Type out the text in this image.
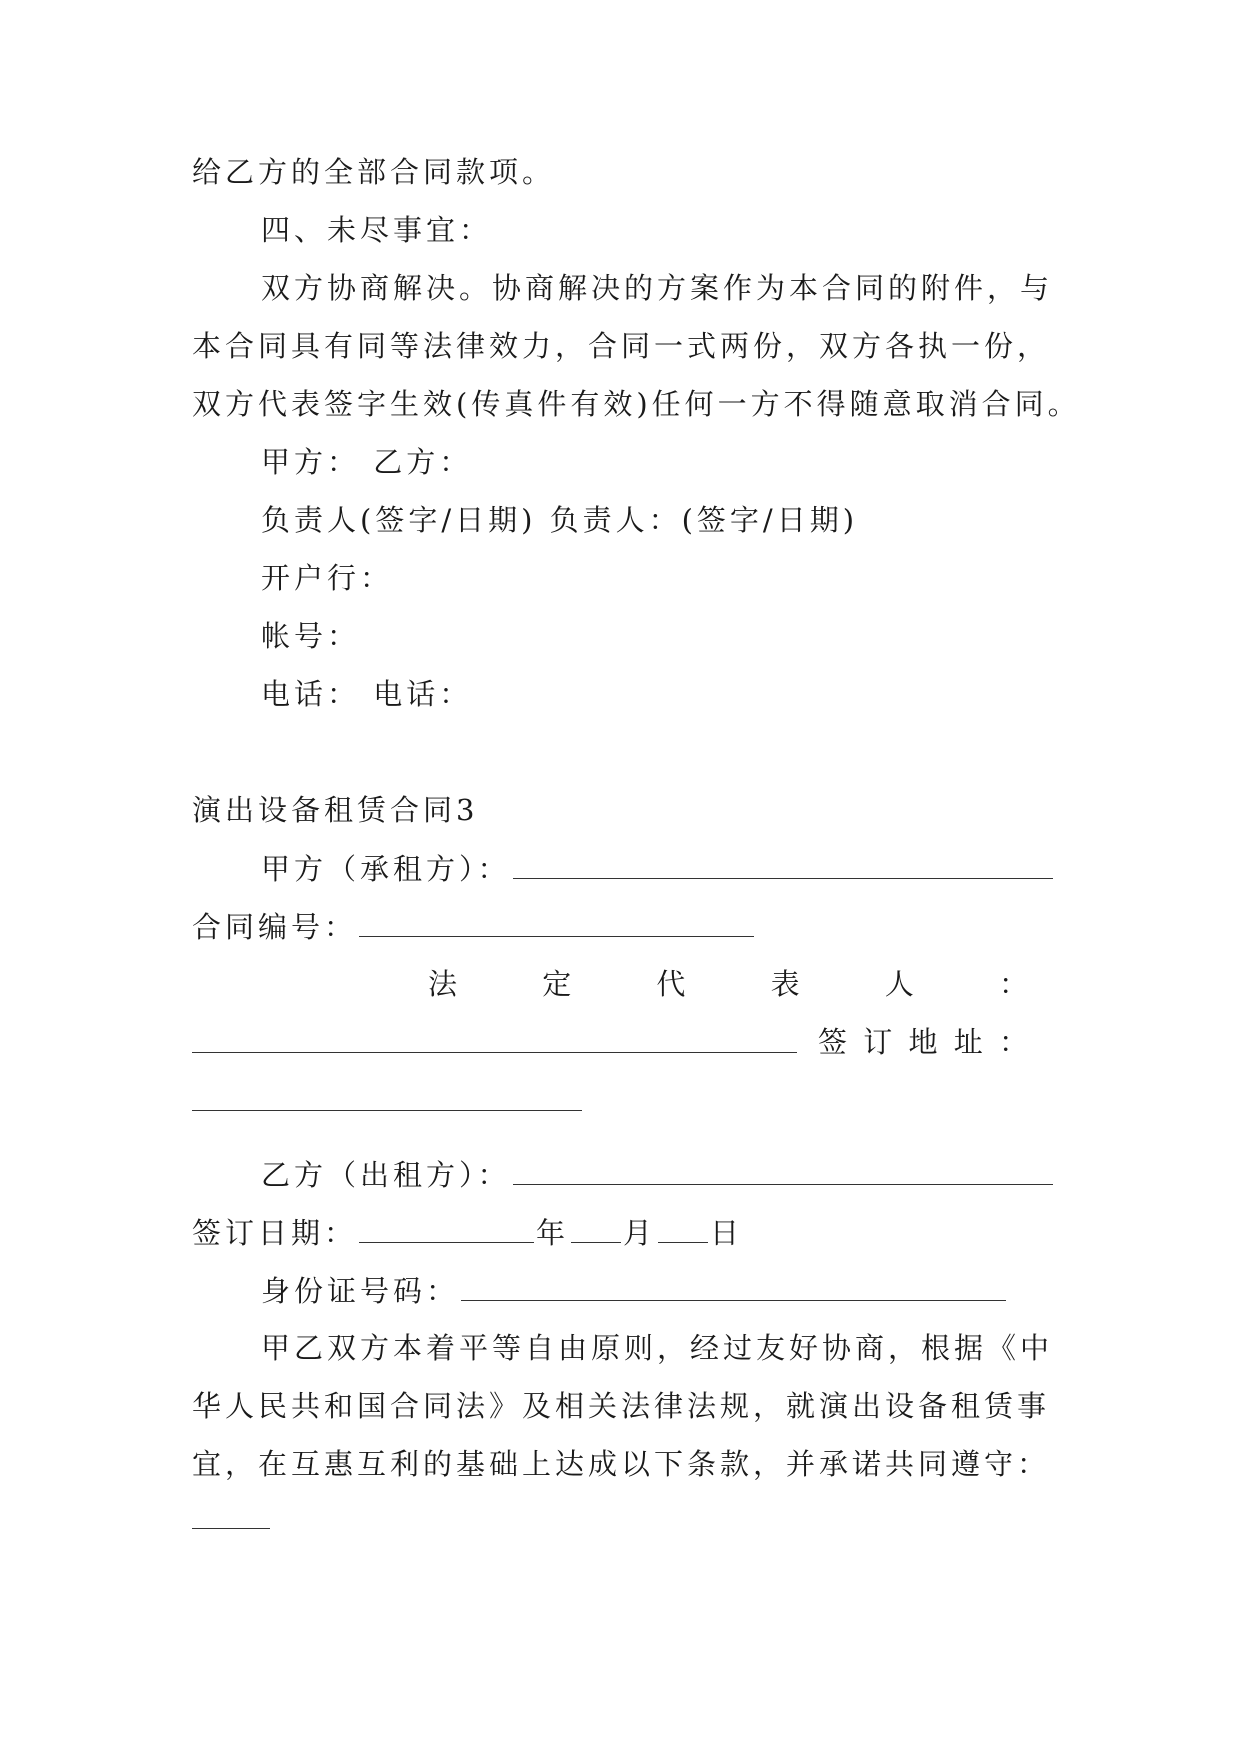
给乙方的全部合同款项。
四、未尽事宜：
双方协商解决。协商解决的方案作为本合同的附件，与
本合同具有同等法律效力，合同一式两份，双方各执一份，
双方代表签字生效(传真件有效)任何一方不得随意取消合同。
甲方： 乙方：
负责人(签字/日期) 负责人：(签字/日期)
开户行：
帐号：
电话： 电话：
演出设备租赁合同3
甲方（承租方）：
合同编号：
法	定	代	表	人	：
签 订 地 址 ：
乙方（出租方）：
签订日期：	年 月 日
身份证号码：
甲乙双方本着平等自由原则，经过友好协商，根据《中
华人民共和国合同法》及相关法律法规，就演出设备租赁事
宜，在互惠互利的基础上达成以下条款，并承诺共同遵守：
